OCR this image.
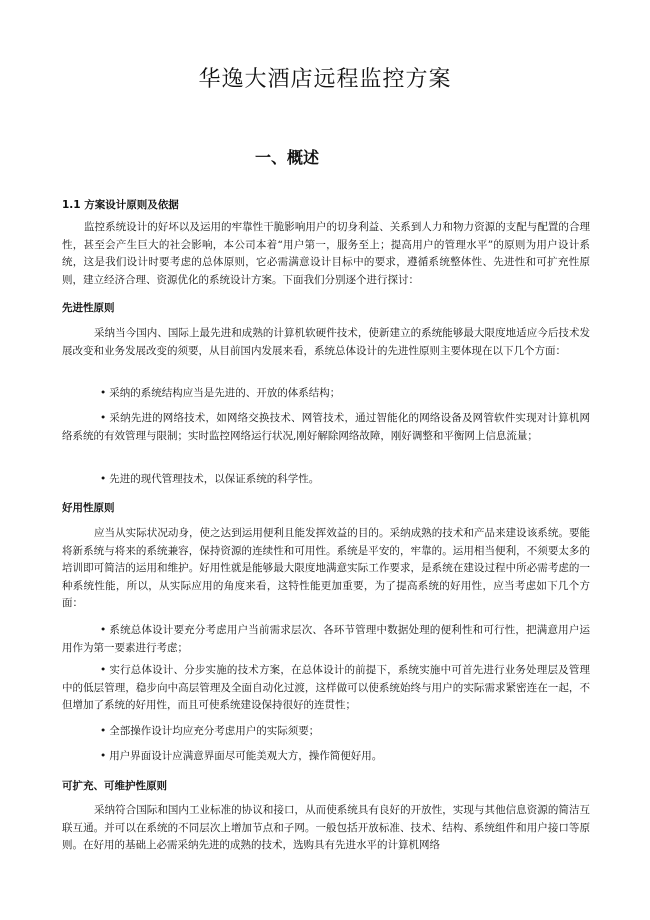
华逸大酒店远程监控方案
一、概述
1.1 方案设计原则及依据

监控系统设计的好坏以及运用的牢靠性干脆影响用户的切身利益、关系到人力和物力资源的支配与配置的合理性，甚至会产生巨大的社会影响，本公司本着“用户第一，服务至上；提高用户的管理水平”的原则为用户设计系统，这是我们设计时要考虑的总体原则，它必需满意设计目标中的要求，遵循系统整体性、先进性和可扩充性原则，建立经济合理、资源优化的系统设计方案。下面我们分别逐个进行探讨：

先进性原则

采纳当今国内、国际上最先进和成熟的计算机软硬件技术，使新建立的系统能够最大限度地适应今后技术发展改变和业务发展改变的须要，从目前国内发展来看，系统总体设计的先进性原则主要体现在以下几个方面：

• 采纳的系统结构应当是先进的、开放的体系结构；

• 采纳先进的网络技术，如网络交换技术、网管技术，通过智能化的网络设备及网管软件实现对计算机网络系统的有效管理与限制；实时监控网络运行状况,刚好解除网络故障，刚好调整和平衡网上信息流量；

• 先进的现代管理技术，以保证系统的科学性。

好用性原则

应当从实际状况动身，使之达到运用便利且能发挥效益的目的。采纳成熟的技术和产品来建设该系统。要能将新系统与将来的系统兼容，保持资源的连续性和可用性。系统是平安的，牢靠的。运用相当便利，不须要太多的培训即可简洁的运用和维护。好用性就是能够最大限度地满意实际工作要求，是系统在建设过程中所必需考虑的一种系统性能，所以，从实际应用的角度来看，这特性能更加重要，为了提高系统的好用性，应当考虑如下几个方面：

• 系统总体设计要充分考虑用户当前需求层次、各环节管理中数据处理的便利性和可行性，把满意用户运用作为第一要素进行考虑；

• 实行总体设计、分步实施的技术方案，在总体设计的前提下，系统实施中可首先进行业务处理层及管理中的低层管理，稳步向中高层管理及全面自动化过渡，这样做可以使系统始终与用户的实际需求紧密连在一起，不但增加了系统的好用性，而且可使系统建设保持很好的连贯性；

• 全部操作设计均应充分考虑用户的实际须要；

• 用户界面设计应满意界面尽可能美观大方，操作简便好用。

可扩充、可维护性原则

采纳符合国际和国内工业标准的协议和接口，从而使系统具有良好的开放性，实现与其他信息资源的简洁互联互通。并可以在系统的不同层次上增加节点和子网。一般包括开放标准、技术、结构、系统组件和用户接口等原则。在好用的基础上必需采纳先进的成熟的技术，选购具有先进水平的计算机网络
